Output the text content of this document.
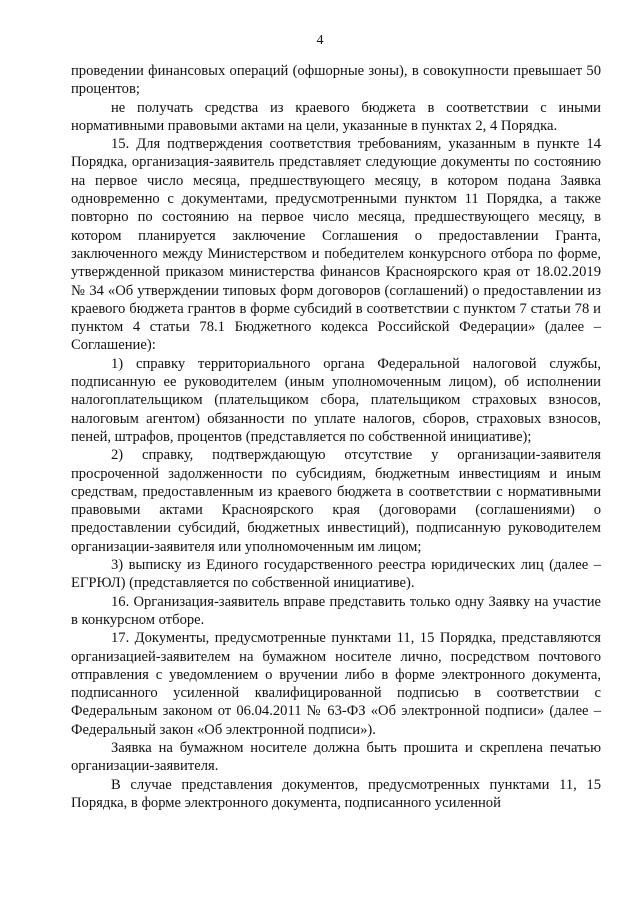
4

проведении финансовых операций (офшорные зоны), в совокупности превышает 50 процентов;

не получать средства из краевого бюджета в соответствии с иными нормативными правовыми актами на цели, указанные в пунктах 2, 4 Порядка.

15. Для подтверждения соответствия требованиям, указанным в пункте 14 Порядка, организация-заявитель представляет следующие документы по состоянию на первое число месяца, предшествующего месяцу, в котором подана Заявка одновременно с документами, предусмотренными пунктом 11 Порядка, а также повторно по состоянию на первое число месяца, предшествующего месяцу, в котором планируется заключение Соглашения о предоставлении Гранта, заключенного между Министерством и победителем конкурсного отбора по форме, утвержденной приказом министерства финансов Красноярского края от 18.02.2019 № 34 «Об утверждении типовых форм договоров (соглашений) о предоставлении из краевого бюджета грантов в форме субсидий в соответствии с пунктом 7 статьи 78 и пунктом 4 статьи 78.1 Бюджетного кодекса Российской Федерации» (далее – Соглашение):

1) справку территориального органа Федеральной налоговой службы, подписанную ее руководителем (иным уполномоченным лицом), об исполнении налогоплательщиком (плательщиком сбора, плательщиком страховых взносов, налоговым агентом) обязанности по уплате налогов, сборов, страховых взносов, пеней, штрафов, процентов (представляется по собственной инициативе);

2) справку, подтверждающую отсутствие у организации-заявителя просроченной задолженности по субсидиям, бюджетным инвестициям и иным средствам, предоставленным из краевого бюджета в соответствии с нормативными правовыми актами Красноярского края (договорами (соглашениями) о предоставлении субсидий, бюджетных инвестиций), подписанную руководителем организации-заявителя или уполномоченным им лицом;

3) выписку из Единого государственного реестра юридических лиц (далее – ЕГРЮЛ) (представляется по собственной инициативе).

16. Организация-заявитель вправе представить только одну Заявку на участие в конкурсном отборе.

17. Документы, предусмотренные пунктами 11, 15 Порядка, представляются организацией-заявителем на бумажном носителе лично, посредством почтового отправления с уведомлением о вручении либо в форме электронного документа, подписанного усиленной квалифицированной подписью в соответствии с Федеральным законом от 06.04.2011 № 63-ФЗ «Об электронной подписи» (далее – Федеральный закон «Об электронной подписи»).

Заявка на бумажном носителе должна быть прошита и скреплена печатью организации-заявителя.

В случае представления документов, предусмотренных пунктами 11, 15 Порядка, в форме электронного документа, подписанного усиленной
